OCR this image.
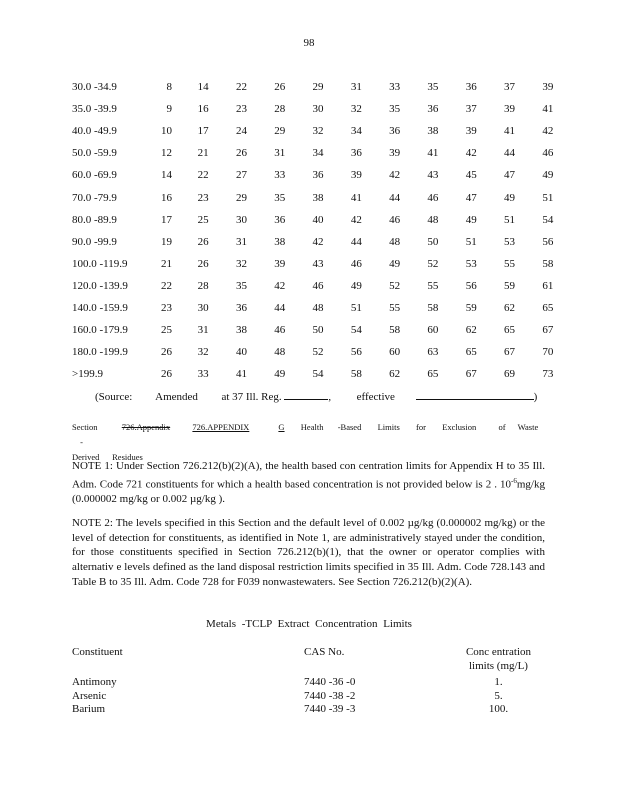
98
30.0 -34.9	8	14	22	26	29	31	33	35	36	37	39
35.0 -39.9	9	16	23	28	30	32	35	36	37	39	41
40.0 -49.9	10	17	24	29	32	34	36	38	39	41	42
50.0 -59.9	12	21	26	31	34	36	39	41	42	44	46
60.0 -69.9	14	22	27	33	36	39	42	43	45	47	49
70.0 -79.9	16	23	29	35	38	41	44	46	47	49	51
80.0 -89.9	17	25	30	36	40	42	46	48	49	51	54
90.0 -99.9	19	26	31	38	42	44	48	50	51	53	56
100.0 -119.9	21	26	32	39	43	46	49	52	53	55	58
120.0 -139.9	22	28	35	42	46	49	52	55	56	59	61
140.0 -159.9	23	30	36	44	48	51	55	58	59	62	65
160.0 -179.9	25	31	38	46	50	54	58	60	62	65	67
180.0 -199.9	26	32	40	48	52	56	60	63	65	67	70
>199.9	26	33	41	49	54	58	62	65	67	69	73
(Source: Amended at 37 Ill. Reg.	, effective	)
Section	726.Appendix	726.APPENDIX	G Health -Based Limits for Exclusion	of Waste  -
Derived      Residues
NOTE 1: Under Section 726.212(b)(2)(A), the health based con centration limits for Appendix H to 35 Ill. Adm. Code 721 constituents for which a health based concentration is not provided below is 2 . $10^{-6}mg/kg$ (0.000002 mg/kg or 0.002 µg/kg ).
NOTE 2: The levels specified in this Section and the default level of 0.002 µg/kg (0.000002 mg/kg) or the level of detection for constituents, as identified in Note 1, are administratively stayed under the condition, for those constituents specified in Section 726.212(b)(1), that the owner or operator complies with alternativ e levels defined as the land disposal restriction limits specified in 35 Ill. Adm. Code 728.143 and Table B to 35 Ill. Adm. Code 728 for F039 nonwastewaters. See Section 726.212(b)(2)(A).
Metals -TCLP Extract Concentration Limits
Constituent	CAS No.	Conc entration
limits (mg/L)
Antimony	7440 -36 -0	1.
Arsenic	7440 -38 -2	5.
Barium	7440 -39 -3	100.
